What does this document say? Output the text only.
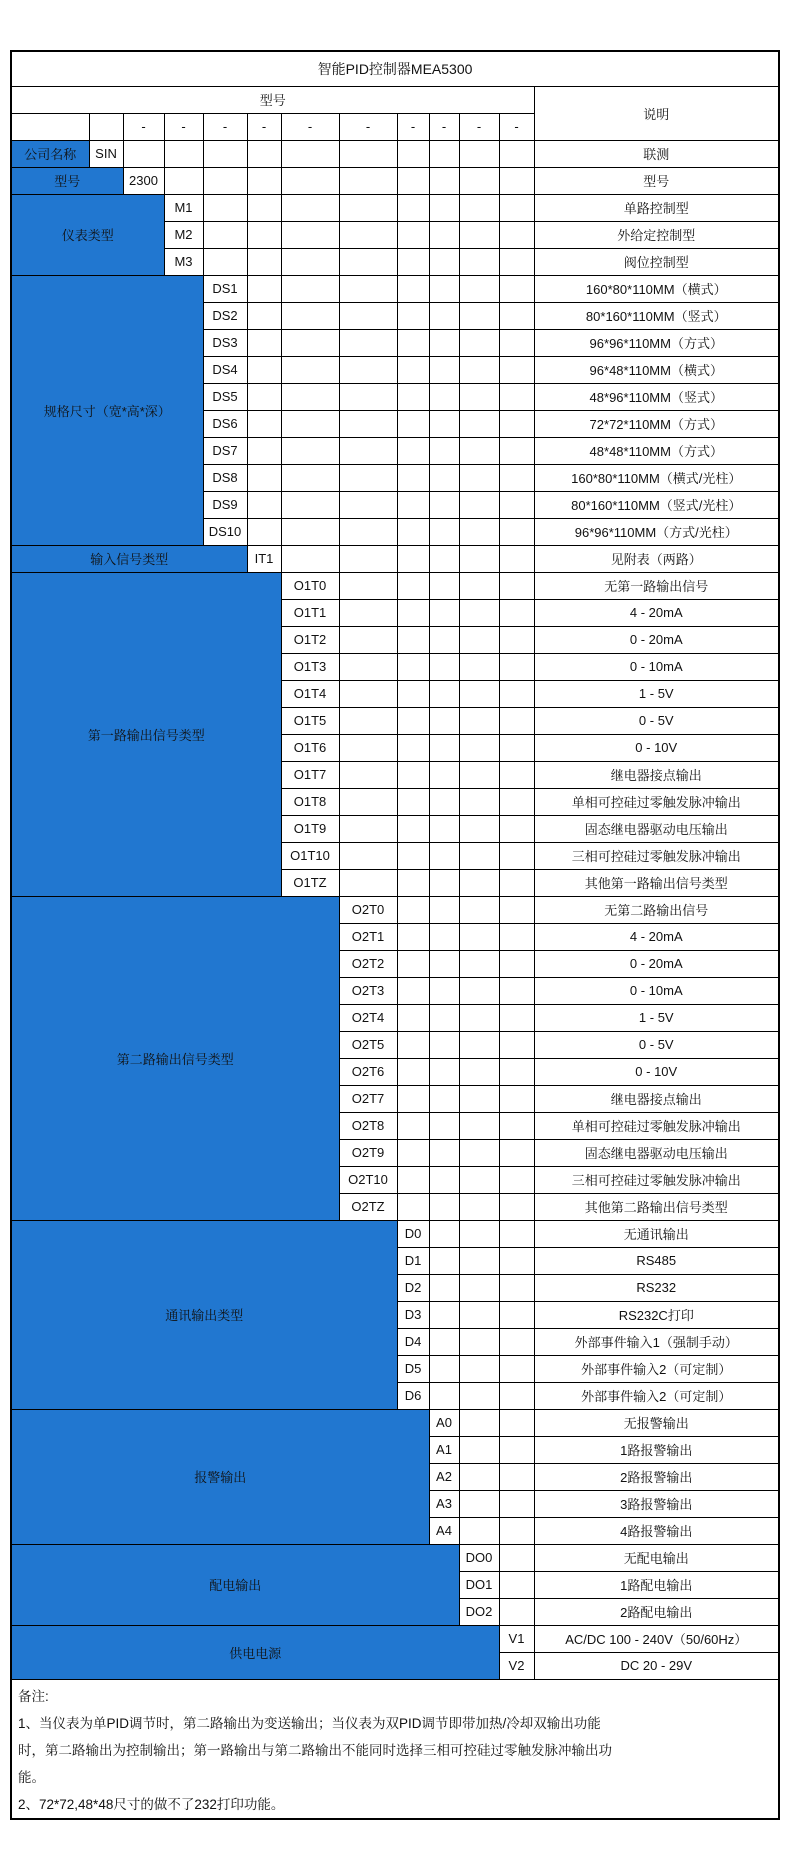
智能PID控制器MEA5300												
型号												说明
		-	-	-	-	-	-	-	-	-	-	
公司名称	SIN											联测
型号		2300										型号
仪表类型			M1									单路控制型
			M2									外给定控制型
			M3									阀位控制型
规格尺寸（宽*高*深）				DS1								160*80*110MM（横式）
				DS2								80*160*110MM（竖式）
				DS3								96*96*110MM（方式）
				DS4								96*48*110MM（横式）
				DS5								48*96*110MM（竖式）
				DS6								72*72*110MM（方式）
				DS7								48*48*110MM（方式）
				DS8								160*80*110MM（横式/光柱）
				DS9								80*160*110MM（竖式/光柱）
				DS10								96*96*110MM（方式/光柱）
输入信号类型					IT1							见附表（两路）
第一路输出信号类型						O1T0						无第一路输出信号
						O1T1						4 - 20mA
						O1T2						0 - 20mA
						O1T3						0 - 10mA
						O1T4						1 - 5V
						O1T5						0 - 5V
						O1T6						0 - 10V
						O1T7						继电器接点输出
						O1T8						单相可控硅过零触发脉冲输出
						O1T9						固态继电器驱动电压输出
						O1T10						三相可控硅过零触发脉冲输出
						O1TZ						其他第一路输出信号类型
第二路输出信号类型							O2T0					无第二路输出信号
							O2T1					4 - 20mA
							O2T2					0 - 20mA
							O2T3					0 - 10mA
							O2T4					1 - 5V
							O2T5					0 - 5V
							O2T6					0 - 10V
							O2T7					继电器接点输出
							O2T8					单相可控硅过零触发脉冲输出
							O2T9					固态继电器驱动电压输出
							O2T10					三相可控硅过零触发脉冲输出
							O2TZ					其他第二路输出信号类型
通讯输出类型								D0				无通讯输出
								D1				RS485
								D2				RS232
								D3				RS232C打印
								D4				外部事件输入1（强制手动）
								D5				外部事件输入2（可定制）
								D6				外部事件输入2（可定制）
报警输出									A0			无报警输出
									A1			1路报警输出
									A2			2路报警输出
									A3			3路报警输出
									A4			4路报警输出
配电输出										DO0		无配电输出
										DO1		1路配电输出
										DO2		2路配电输出
供电电源											V1	AC/DC 100 - 240V（50/60Hz）
											V2	DC 20 - 29V

备注:
1、当仪表为单PID调节时，第二路输出为变送输出；当仪表为双PID调节即带加热/冷却双输出功能
时，第二路输出为控制输出；第一路输出与第二路输出不能同时选择三相可控硅过零触发脉冲输出功
能。
2、72*72,48*48尺寸的做不了232打印功能。												
